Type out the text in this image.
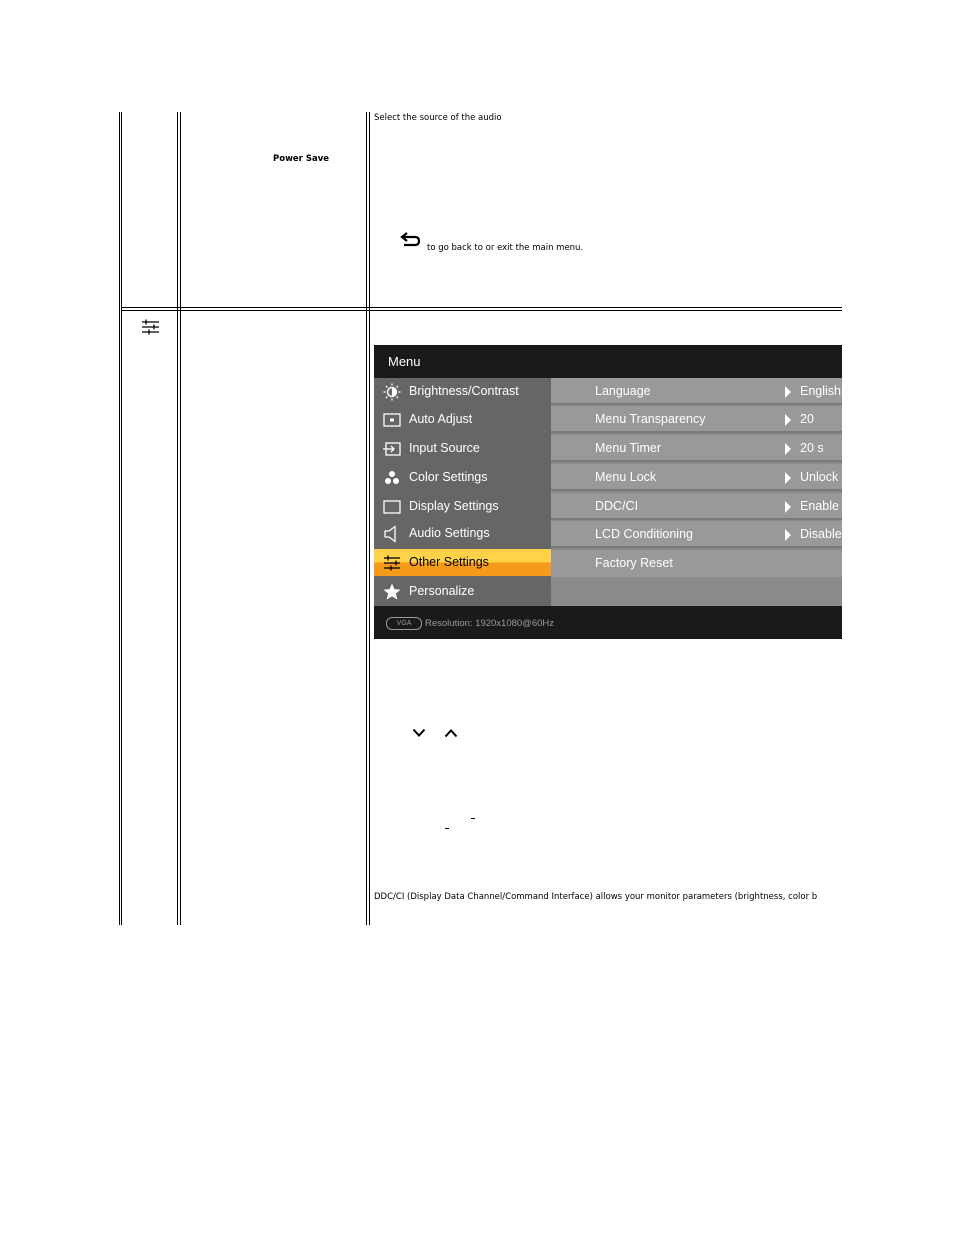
Select the source of the audio
Power Save
to go back to or exit the main menu.
Menu
Brightness/Contrast
Auto Adjust
Input Source
Color Settings
Display Settings
Audio Settings
Other Settings
Personalize
Language	English
Menu Transparency	20
Menu Timer	20 s
Menu Lock	Unlock
DDC/CI	Enable
LCD Conditioning	Disable
Factory Reset
VGA	Resolution: 1920x1080@60Hz
DDC/CI (Display Data Channel/Command Interface) allows your monitor parameters (brightness, color b
